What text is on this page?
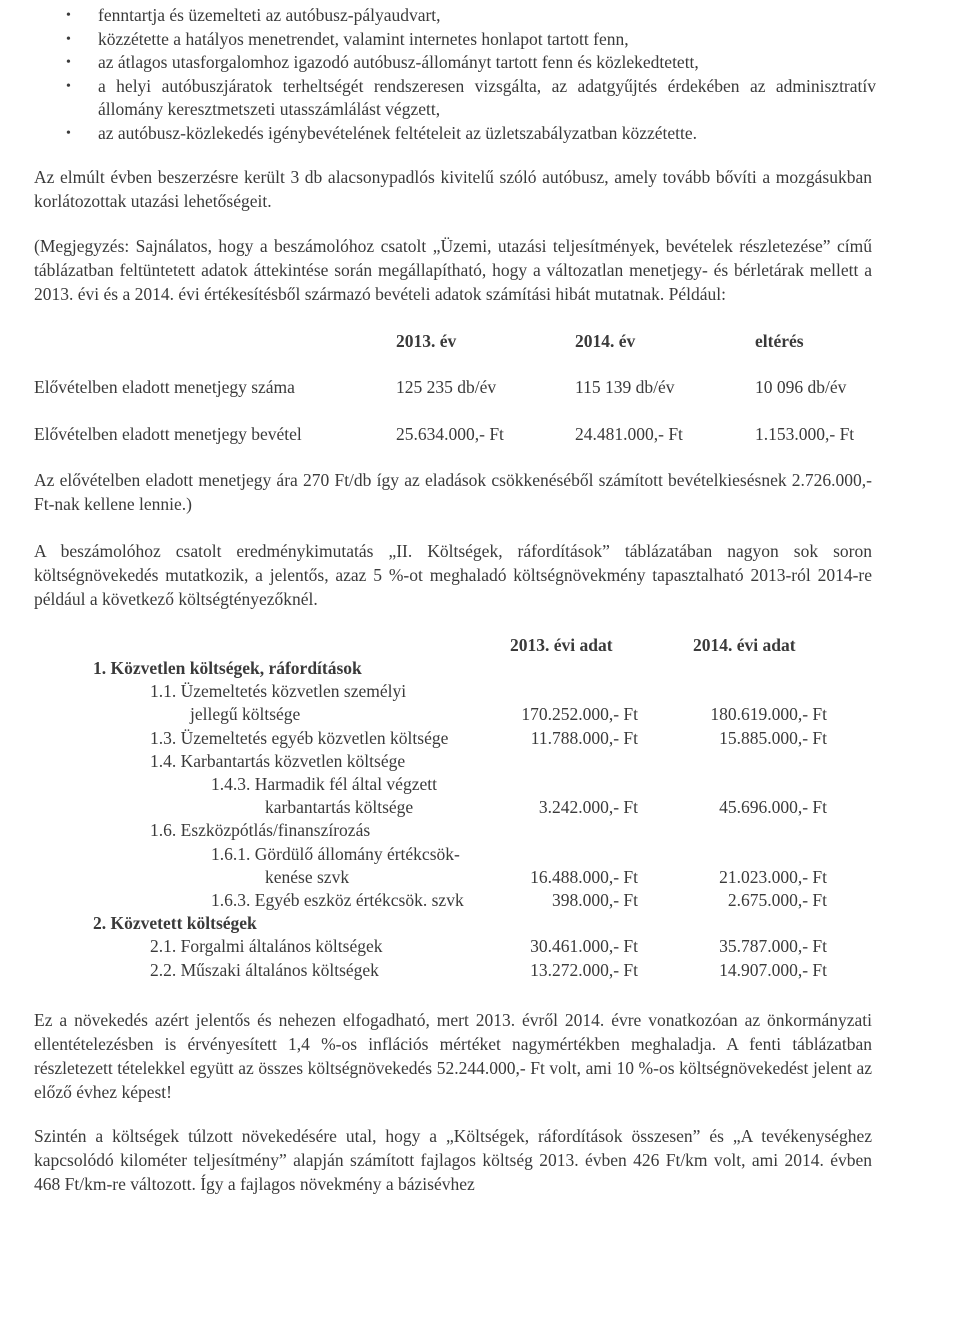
• fenntartja és üzemelteti az autóbusz-pályaudvart,
• közzétette a hatályos menetrendet, valamint internetes honlapot tartott fenn,
• az átlagos utasforgalomhoz igazodó autóbusz-állományt tartott fenn és közlekedtetett,
• a helyi autóbuszjáratok terheltségét rendszeresen vizsgálta, az adatgyűjtés érdekében az adminisztratív állomány keresztmetszeti utasszámlálást végzett,
• az autóbusz-közlekedés igénybevételének feltételeit az üzletszabályzatban közzétette.

Az elmúlt évben beszerzésre került 3 db alacsonypadlós kivitelű szóló autóbusz, amely tovább bővíti a mozgásukban korlátozottak utazási lehetőségeit.

(Megjegyzés: Sajnálatos, hogy a beszámolóhoz csatolt „Üzemi, utazási teljesítmények, bevételek részletezése” című táblázatban feltüntetett adatok áttekintése során megállapítható, hogy a változatlan menetjegy- és bérletárak mellett a 2013. évi és a 2014. évi értékesítésből származó bevételi adatok számítási hibát mutatnak. Például:

2013. év	2014. év	eltérés
Elővételben eladott menetjegy száma	125 235 db/év	115 139 db/év	10 096 db/év
Elővételben eladott menetjegy bevétel	25.634.000,- Ft	24.481.000,- Ft	1.153.000,- Ft

Az elővételben eladott menetjegy ára 270 Ft/db így az eladások csökkenéséből számított bevételkiesésnek 2.726.000,- Ft-nak kellene lennie.)

A beszámolóhoz csatolt eredménykimutatás „II. Költségek, ráfordítások” táblázatában nagyon sok soron költségnövekedés mutatkozik, a jelentős, azaz 5 %-ot meghaladó költségnövekmény tapasztalható 2013-ról 2014-re például a következő költségtényezőknél.

2013. évi adat	2014. évi adat
1. Közvetlen költségek, ráfordítások
1.1. Üzemeltetés közvetlen személyi
jellegű költsége	170.252.000,- Ft	180.619.000,- Ft
1.3. Üzemeltetés egyéb közvetlen költsége	11.788.000,- Ft	15.885.000,- Ft
1.4. Karbantartás közvetlen költsége
1.4.3. Harmadik fél által végzett
karbantartás költsége	3.242.000,- Ft	45.696.000,- Ft
1.6. Eszközpótlás/finanszírozás
1.6.1. Gördülő állomány értékcsök-
kenése szvk	16.488.000,- Ft	21.023.000,- Ft
1.6.3. Egyéb eszköz értékcsök. szvk	398.000,- Ft	2.675.000,- Ft
2. Közvetett költségek
2.1. Forgalmi általános költségek	30.461.000,- Ft	35.787.000,- Ft
2.2. Műszaki általános költségek	13.272.000,- Ft	14.907.000,- Ft

Ez a növekedés azért jelentős és nehezen elfogadható, mert 2013. évről 2014. évre vonatkozóan az önkormányzati ellentételezésben is érvényesített 1,4 %-os inflációs mértéket nagymértékben meghaladja. A fenti táblázatban részletezett tételekkel együtt az összes költségnövekedés 52.244.000,- Ft volt, ami 10 %-os költségnövekedést jelent az előző évhez képest!

Szintén a költségek túlzott növekedésére utal, hogy a „Költségek, ráfordítások összesen” és „A tevékenységhez kapcsolódó kilométer teljesítmény” alapján számított fajlagos költség 2013. évben 426 Ft/km volt, ami 2014. évben 468 Ft/km-re változott. Így a fajlagos növekmény a bázisévhez
